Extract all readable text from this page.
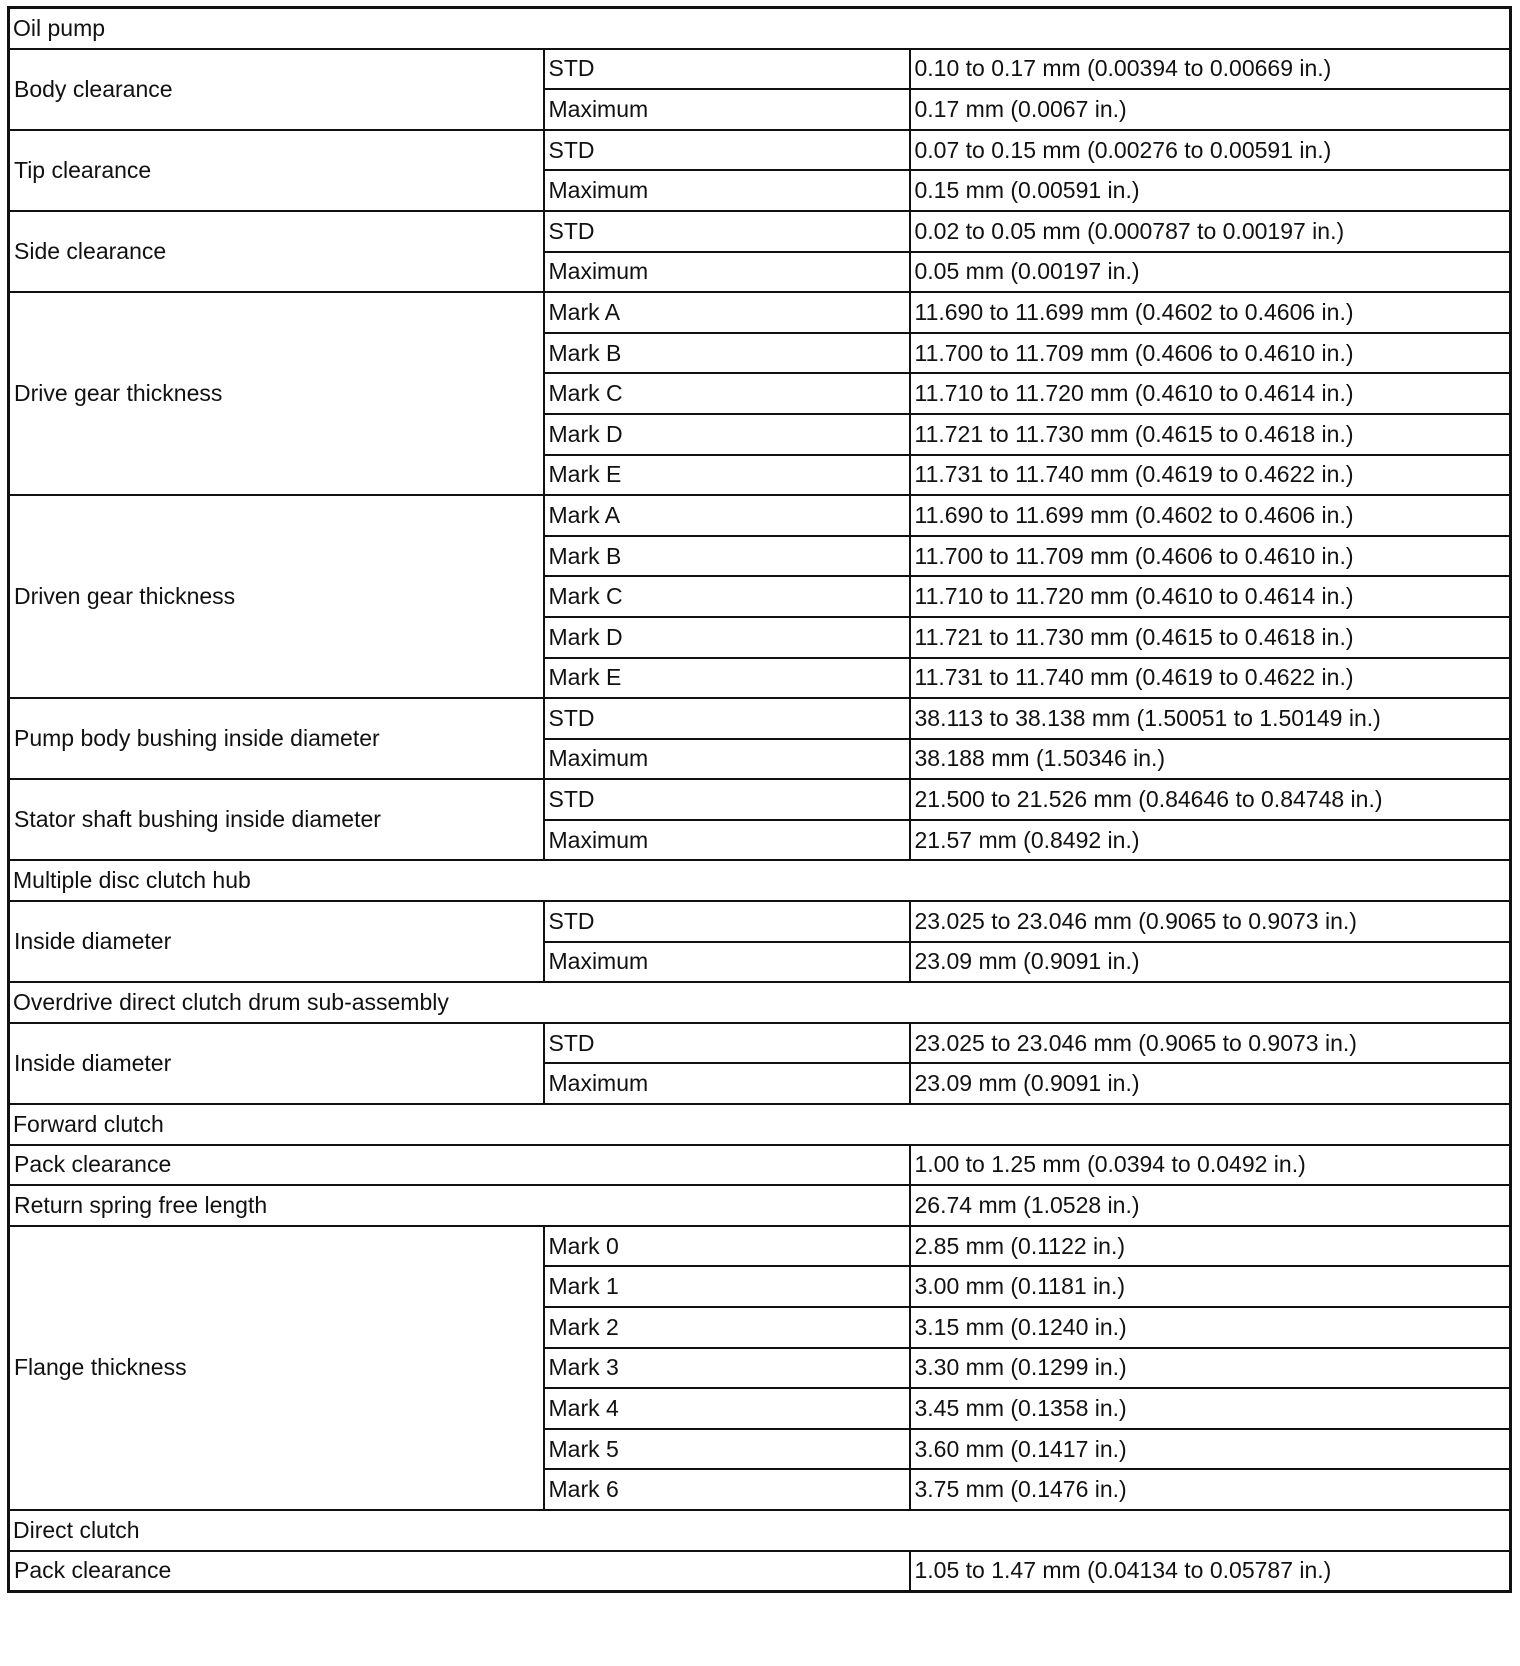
Oil pump		
Body clearance	STD	0.10 to 0.17 mm (0.00394 to 0.00669 in.)
	Maximum	0.17 mm (0.0067 in.)
Tip clearance	STD	0.07 to 0.15 mm (0.00276 to 0.00591 in.)
	Maximum	0.15 mm (0.00591 in.)
Side clearance	STD	0.02 to 0.05 mm (0.000787 to 0.00197 in.)
	Maximum	0.05 mm (0.00197 in.)
Drive gear thickness	Mark A	11.690 to 11.699 mm (0.4602 to 0.4606 in.)
	Mark B	11.700 to 11.709 mm (0.4606 to 0.4610 in.)
	Mark C	11.710 to 11.720 mm (0.4610 to 0.4614 in.)
	Mark D	11.721 to 11.730 mm (0.4615 to 0.4618 in.)
	Mark E	11.731 to 11.740 mm (0.4619 to 0.4622 in.)
Driven gear thickness	Mark A	11.690 to 11.699 mm (0.4602 to 0.4606 in.)
	Mark B	11.700 to 11.709 mm (0.4606 to 0.4610 in.)
	Mark C	11.710 to 11.720 mm (0.4610 to 0.4614 in.)
	Mark D	11.721 to 11.730 mm (0.4615 to 0.4618 in.)
	Mark E	11.731 to 11.740 mm (0.4619 to 0.4622 in.)
Pump body bushing inside diameter	STD	38.113 to 38.138 mm (1.50051 to 1.50149 in.)
	Maximum	38.188 mm (1.50346 in.)
Stator shaft bushing inside diameter	STD	21.500 to 21.526 mm (0.84646 to 0.84748 in.)
	Maximum	21.57 mm (0.8492 in.)
Multiple disc clutch hub		
Inside diameter	STD	23.025 to 23.046 mm (0.9065 to 0.9073 in.)
	Maximum	23.09 mm (0.9091 in.)
Overdrive direct clutch drum sub-assembly		
Inside diameter	STD	23.025 to 23.046 mm (0.9065 to 0.9073 in.)
	Maximum	23.09 mm (0.9091 in.)
Forward clutch		
Pack clearance		1.00 to 1.25 mm (0.0394 to 0.0492 in.)
Return spring free length		26.74 mm (1.0528 in.)
Flange thickness	Mark 0	2.85 mm (0.1122 in.)
	Mark 1	3.00 mm (0.1181 in.)
	Mark 2	3.15 mm (0.1240 in.)
	Mark 3	3.30 mm (0.1299 in.)
	Mark 4	3.45 mm (0.1358 in.)
	Mark 5	3.60 mm (0.1417 in.)
	Mark 6	3.75 mm (0.1476 in.)
Direct clutch		
Pack clearance		1.05 to 1.47 mm (0.04134 to 0.05787 in.)
